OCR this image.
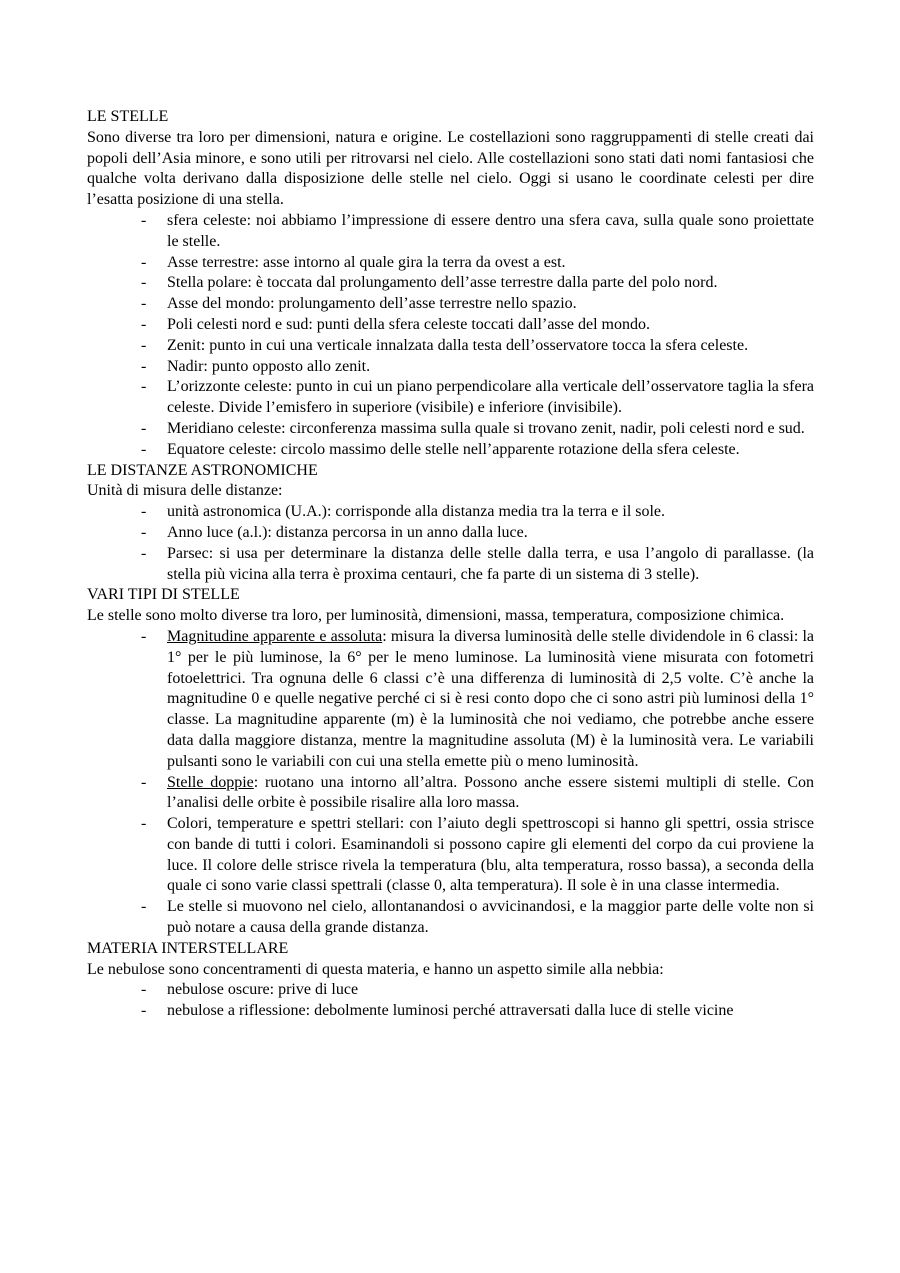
LE STELLE

Sono diverse tra loro per dimensioni, natura e origine. Le costellazioni sono raggruppamenti di stelle creati dai popoli dell’Asia minore, e sono utili per ritrovarsi nel cielo. Alle costellazioni sono stati dati nomi fantasiosi che qualche volta derivano dalla disposizione delle stelle nel cielo. Oggi si usano le coordinate celesti per dire l’esatta posizione di una stella.

- sfera celeste: noi abbiamo l’impressione di essere dentro una sfera cava, sulla quale sono proiettate le stelle.
- Asse terrestre: asse intorno al quale gira la terra da ovest a est.
- Stella polare: è toccata dal prolungamento dell’asse terrestre dalla parte del polo nord.
- Asse del mondo: prolungamento dell’asse terrestre nello spazio.
- Poli celesti nord e sud: punti della sfera celeste toccati dall’asse del mondo.
- Zenit: punto in cui una verticale innalzata dalla testa dell’osservatore tocca la sfera celeste.
- Nadir: punto opposto allo zenit.
- L’orizzonte celeste: punto in cui un piano perpendicolare alla verticale dell’osservatore taglia la sfera celeste. Divide l’emisfero in superiore (visibile) e inferiore (invisibile).
- Meridiano celeste: circonferenza massima sulla quale si trovano zenit, nadir, poli celesti nord e sud.
- Equatore celeste: circolo massimo delle stelle nell’apparente rotazione della sfera celeste.
LE DISTANZE ASTRONOMICHE

Unità di misura delle distanze:

- unità astronomica (U.A.): corrisponde alla distanza media tra la terra e il sole.
- Anno luce (a.l.): distanza percorsa in un anno dalla luce.
- Parsec: si usa per determinare la distanza delle stelle dalla terra, e usa l’angolo di parallasse. (la stella più vicina alla terra è proxima centauri, che fa parte di un sistema di 3 stelle).
VARI TIPI DI STELLE

Le stelle sono molto diverse tra loro, per luminosità, dimensioni, massa, temperatura, composizione chimica.

- Magnitudine apparente e assoluta: misura la diversa luminosità delle stelle dividendole in 6 classi: la 1° per le più luminose, la 6° per le meno luminose. La luminosità viene misurata con fotometri fotoelettrici. Tra ognuna delle 6 classi c’è una differenza di luminosità di 2,5 volte. C’è anche la magnitudine 0 e quelle negative perché ci si è resi conto dopo che ci sono astri più luminosi della 1° classe. La magnitudine apparente (m) è la luminosità che noi vediamo, che potrebbe anche essere data dalla maggiore distanza, mentre la magnitudine assoluta (M) è la luminosità vera. Le variabili pulsanti sono le variabili con cui una stella emette più o meno luminosità.
- Stelle doppie: ruotano una intorno all’altra. Possono anche essere sistemi multipli di stelle. Con l’analisi delle orbite è possibile risalire alla loro massa.
- Colori, temperature e spettri stellari: con l’aiuto degli spettroscopi si hanno gli spettri, ossia strisce con bande di tutti i colori. Esaminandoli si possono capire gli elementi del corpo da cui proviene la luce. Il colore delle strisce rivela la temperatura (blu, alta temperatura, rosso bassa), a seconda della quale ci sono varie classi spettrali (classe 0, alta temperatura). Il sole è in una classe intermedia.
- Le stelle si muovono nel cielo, allontanandosi o avvicinandosi, e la maggior parte delle volte non si può notare a causa della grande distanza.
MATERIA INTERSTELLARE

Le nebulose sono concentramenti di questa materia, e hanno un aspetto simile alla nebbia:

- nebulose oscure: prive di luce
- nebulose a riflessione: debolmente luminosi perché attraversati dalla luce di stelle vicine
